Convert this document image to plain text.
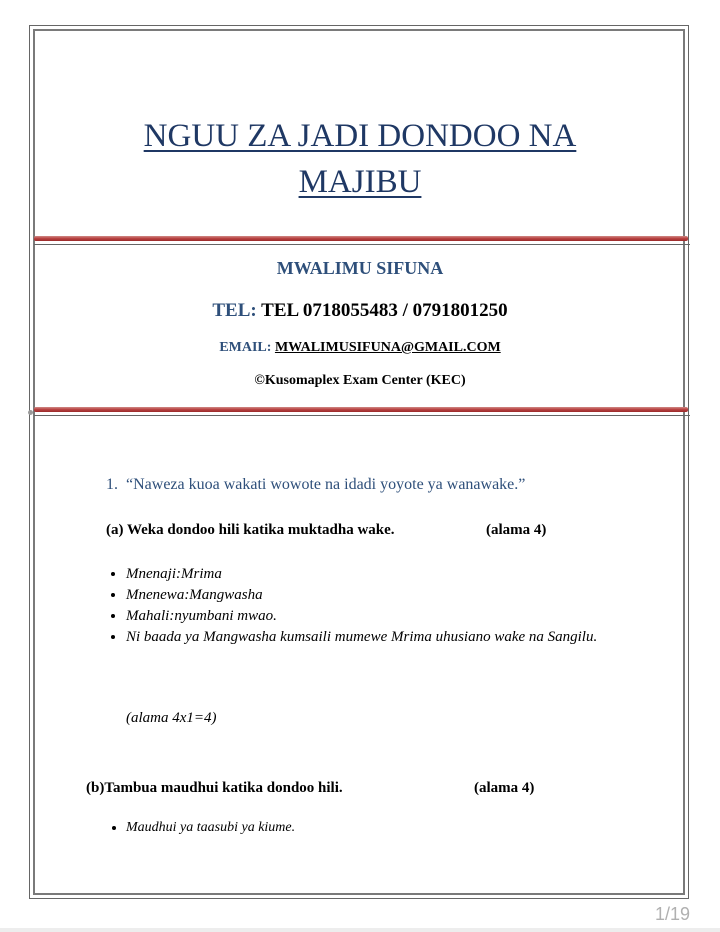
NGUU ZA JADI DONDOO NA
MAJIBU
MWALIMU SIFUNA
TEL: TEL 0718055483 / 0791801250
EMAIL: MWALIMUSIFUNA@GMAIL.COM
©Kusomaplex Exam Center (KEC)
1. “Naweza kuoa wakati wowote na idadi yoyote ya wanawake.”
(a) Weka dondoo hili katika muktadha wake.	(alama 4)
• Mnenaji:Mrima
• Mnenewa:Mangwasha
• Mahali:nyumbani mwao.
• Ni baada ya Mangwasha kumsaili mumewe Mrima uhusiano wake na Sangilu.
(alama 4x1=4)
(b)Tambua maudhui katika dondoo hili.	(alama 4)
• Maudhui ya taasubi ya kiume.
1/19
